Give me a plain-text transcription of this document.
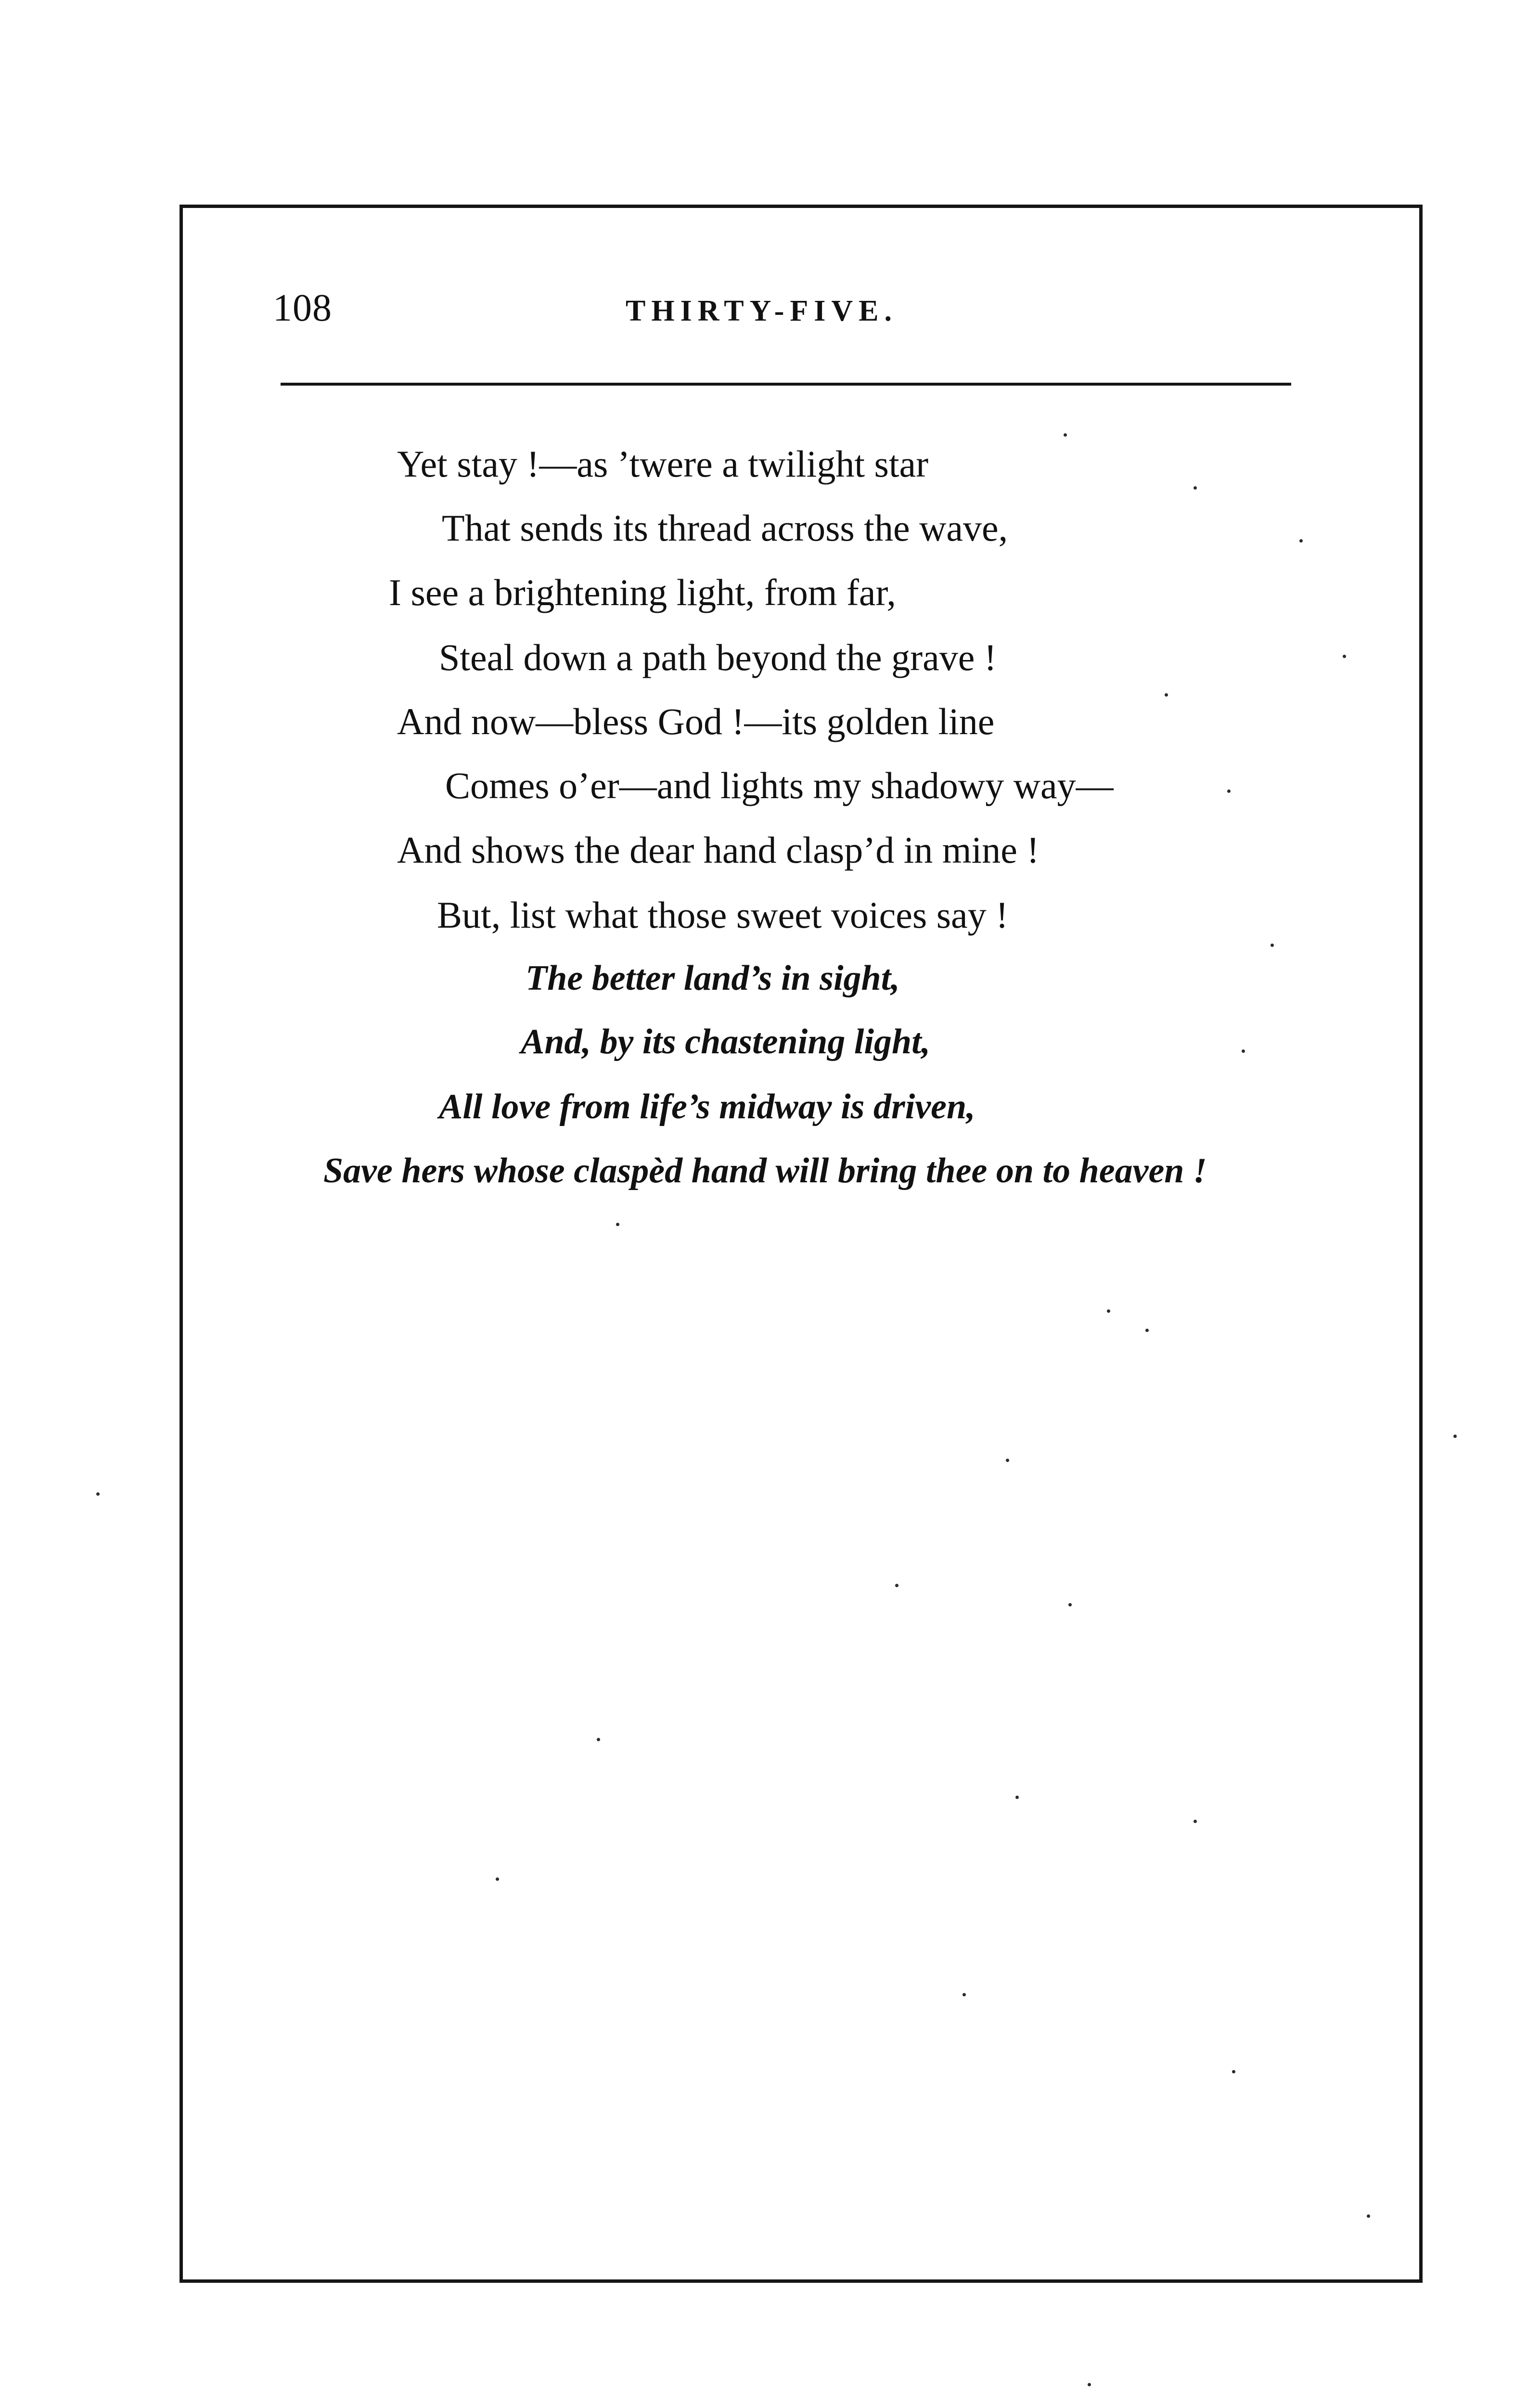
108	THIRTY-FIVE.
Yet stay !—as ’twere a twilight star
That sends its thread across the wave,
I see a brightening light, from far,
Steal down a path beyond the grave !
And now—bless God !—its golden line
Comes o’er—and lights my shadowy way—
And shows the dear hand clasp’d in mine !
But, list what those sweet voices say !
The better land’s in sight,
And, by its chastening light,
All love from life’s midway is driven,
Save hers whose claspèd hand will bring thee on to heaven !
